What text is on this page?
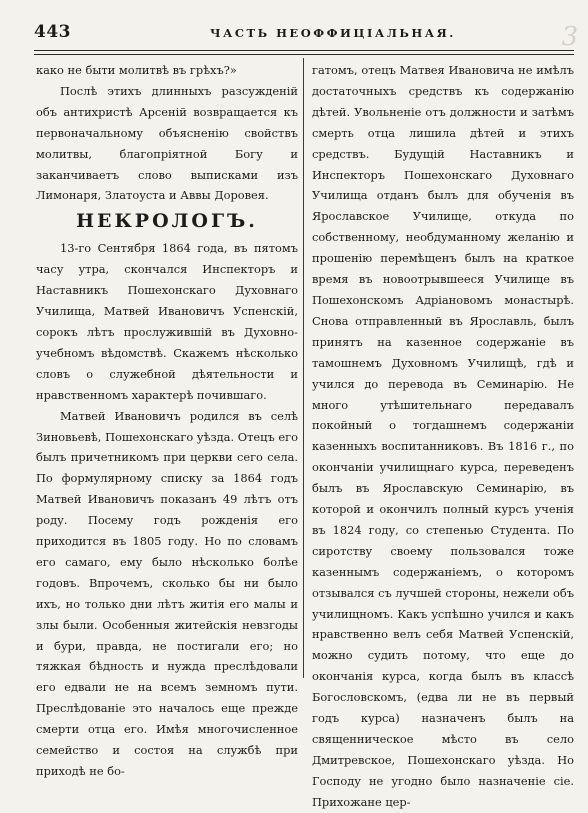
443	ЧАСТЬ НЕОФФИЦІАЛЬНАЯ.	3

како не быти молитвѣ въ грѣхъ?»

Послѣ этихъ длинныхъ разсужденій объ антихристѣ Арсеній возвращается къ первоначальному объясненію свойствъ молитвы, благопріятной Богу и заканчиваетъ слово выписками изъ Лимонаря, Златоуста и Аввы Доровея.

НЕКРОЛОГЪ.

13-го Сентября 1864 года, въ пятомъ часу утра, скончался Инспекторъ и Наставникъ Пошехонскаго Духовнаго Училища, Матвей Ивановичъ Успенскій, сорокъ лѣтъ прослужившій въ Духовно-учебномъ вѣдомствѣ. Скажемъ нѣсколько словъ о служебной дѣятельности и нравственномъ характерѣ почившаго.

Матвей Ивановичъ родился въ селѣ Зиновьевѣ, Пошехонскаго уѣзда. Отецъ его былъ причетникомъ при церкви сего села. По формулярному списку за 1864 годъ Матвей Ивановичъ показанъ 49 лѣтъ отъ роду. Посему годъ рожденія его приходится въ 1805 году. Но по словамъ его самаго, ему было нѣсколько болѣе годовъ. Впрочемъ, сколько бы ни было ихъ, но только дни лѣтъ житія его малы и злы были. Особенныя житейскія невзгоды и бури, правда, не постигали его; но тяжкая бѣдность и нужда преслѣдовали его едвали не на всемъ земномъ пути. Преслѣдованіе это началось еще прежде смерти отца его. Имѣя многочисленное семейство и состоя на службѣ при приходѣ не бо-

гатомъ, отецъ Матвея Ивановича не имѣлъ достаточныхъ средствъ къ содержанію дѣтей. Увольненіе отъ должности и затѣмъ смерть отца лишила дѣтей и этихъ средствъ. Будущій Наставникъ и Инспекторъ Пошехонскаго Духовнаго Училища отданъ былъ для обученія въ Ярославское Училище, откуда по собственному, необдуманному желанію и прошенію перемѣщенъ былъ на краткое время въ новоотрывшееся Училище въ Пошехонскомъ Адріановомъ монастырѣ. Снова отправленный въ Ярославль, былъ принятъ на казенное содержаніе въ тамошнемъ Духовномъ Училищѣ, гдѣ и учился до перевода въ Семинарію. Не много утѣшительнаго передавалъ покойный о тогдашнемъ содержаніи казенныхъ воспитанниковъ. Въ 1816 г., по окончаніи училищнаго курса, переведенъ былъ въ Ярославскую Семинарію, въ которой и окончилъ полный курсъ ученія въ 1824 году, со степенью Студента. По сиротству своему пользовался тоже казеннымъ содержаніемъ, о которомъ отзывался съ лучшей стороны, нежели объ училищномъ. Какъ успѣшно учился и какъ нравственно велъ себя Матвей Успенскій, можно судить потому, что еще до окончанія курса, когда былъ въ классѣ Богословскомъ, (едва ли не въ первый годъ курса) назначенъ былъ на священническое мѣсто въ село Дмитревское, Пошехонскаго уѣзда. Но Господу не угодно было назначеніе сіе. Прихожане цер-
